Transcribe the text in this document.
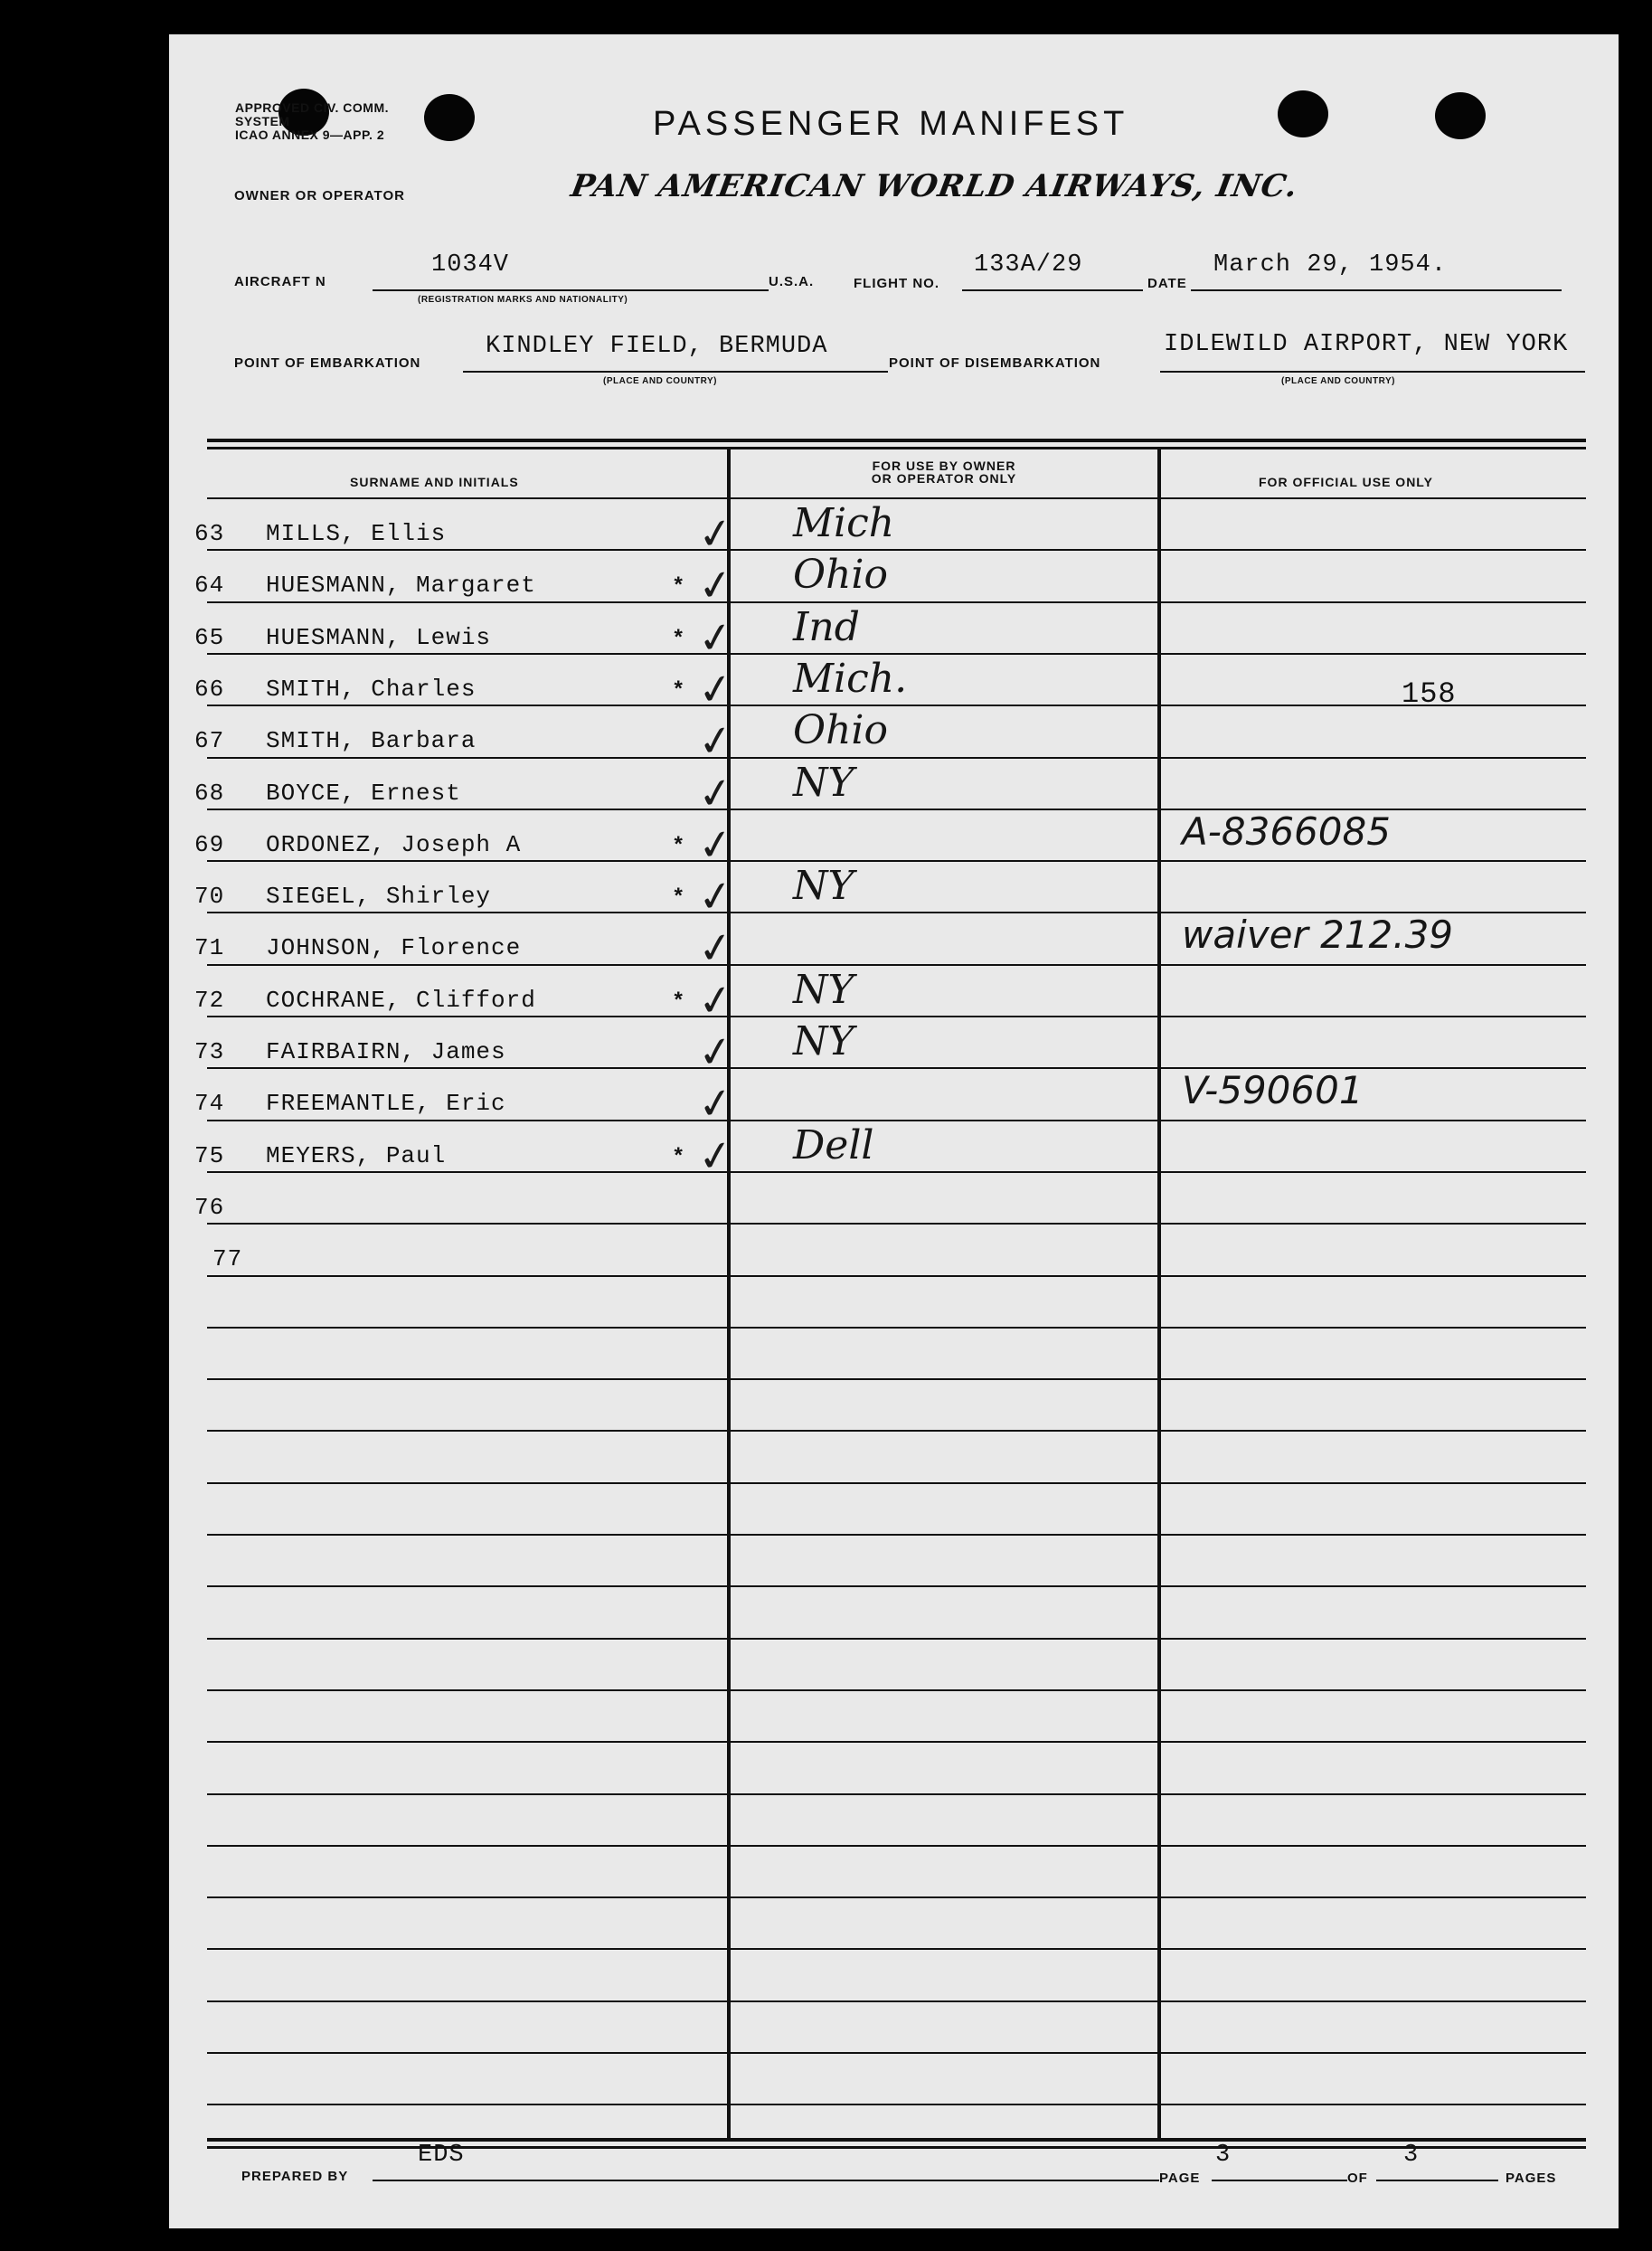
APPROVED CIV. COMM.
SYSTEM
ICAO ANNEX 9—APP. 2	PASSENGER MANIFEST
OWNER OR OPERATOR	PAN AMERICAN WORLD AIRWAYS, INC.
AIRCRAFT N
1034V
(REGISTRATION MARKS AND NATIONALITY)
U.S.A.	FLIGHT NO.
133A/29
DATE
March 29, 1954.
POINT OF EMBARKATION
KINDLEY FIELD, BERMUDA
(PLACE AND COUNTRY)
POINT OF DISEMBARKATION
IDLEWILD AIRPORT, NEW YORK
(PLACE AND COUNTRY)
SURNAME AND INITIALS
FOR USE BY OWNER
OR OPERATOR ONLY	FOR OFFICIAL USE ONLY
63 MILLS, Ellis	✓ Mich
64 HUESMANN, Margaret	* ✓ Ohio
65 HUESMANN, Lewis	* ✓ Ind
66 SMITH, Charles	* ✓ Mich.	158
67 SMITH, Barbara	✓ Ohio
68 BOYCE, Ernest	✓ NY
69 ORDONEZ, Joseph A	* ✓	A-8366085
70 SIEGEL, Shirley	* ✓ NY
71 JOHNSON, Florence	✓	waiver 212.39
72 COCHRANE, Clifford	* ✓ NY
73 FAIRBAIRN, James	✓ NY
74 FREEMANTLE, Eric	✓	V-590601
75 MEYERS, Paul	* ✓ Dell
76
77
PREPARED BY
EDS
PAGE
3
OF
3
PAGES
